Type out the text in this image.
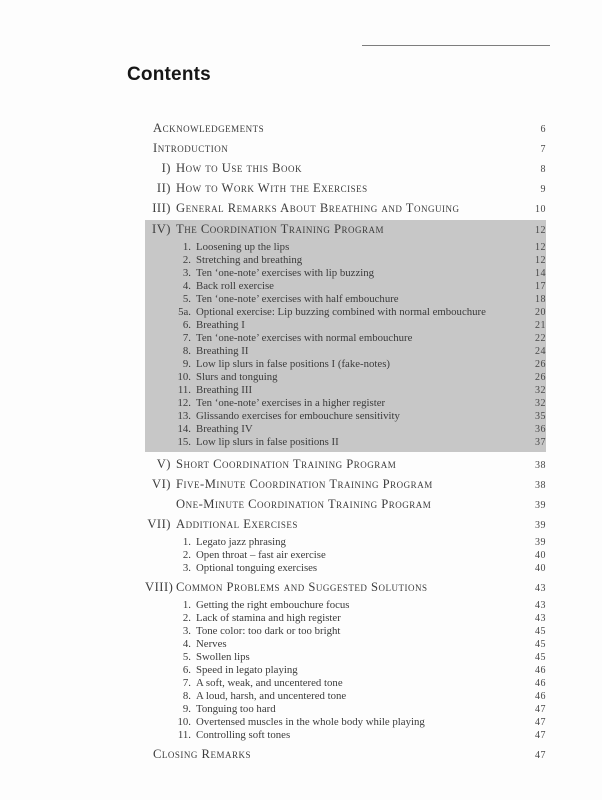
Contents
Acknowledgements	6
Introduction	7
I) How to Use this Book	8
II) How to Work With the Exercises	9
III) General Remarks About Breathing and Tonguing	10
IV) The Coordination Training Program	12
1. Loosening up the lips	12
2. Stretching and breathing	12
3. Ten ‘one-note’ exercises with lip buzzing	14
4. Back roll exercise	17
5. Ten ‘one-note’ exercises with half embouchure	18
5a. Optional exercise: Lip buzzing combined with normal embouchure	20
6. Breathing I	21
7. Ten ‘one-note’ exercises with normal embouchure	22
8. Breathing II	24
9. Low lip slurs in false positions I (fake-notes)	26
10. Slurs and tonguing	26
11. Breathing III	32
12. Ten ‘one-note’ exercises in a higher register	32
13. Glissando exercises for embouchure sensitivity	35
14. Breathing IV	36
15. Low lip slurs in false positions II	37
V) Short Coordination Training Program	38
VI) Five-Minute Coordination Training Program	38
One-Minute Coordination Training Program	39
VII) Additional Exercises	39
1. Legato jazz phrasing	39
2. Open throat – fast air exercise	40
3. Optional tonguing exercises	40
VIII) Common Problems and Suggested Solutions	43
1. Getting the right embouchure focus	43
2. Lack of stamina and high register	43
3. Tone color: too dark or too bright	45
4. Nerves	45
5. Swollen lips	45
6. Speed in legato playing	46
7. A soft, weak, and uncentered tone	46
8. A loud, harsh, and uncentered tone	46
9. Tonguing too hard	47
10. Overtensed muscles in the whole body while playing	47
11. Controlling soft tones	47
Closing Remarks	47
